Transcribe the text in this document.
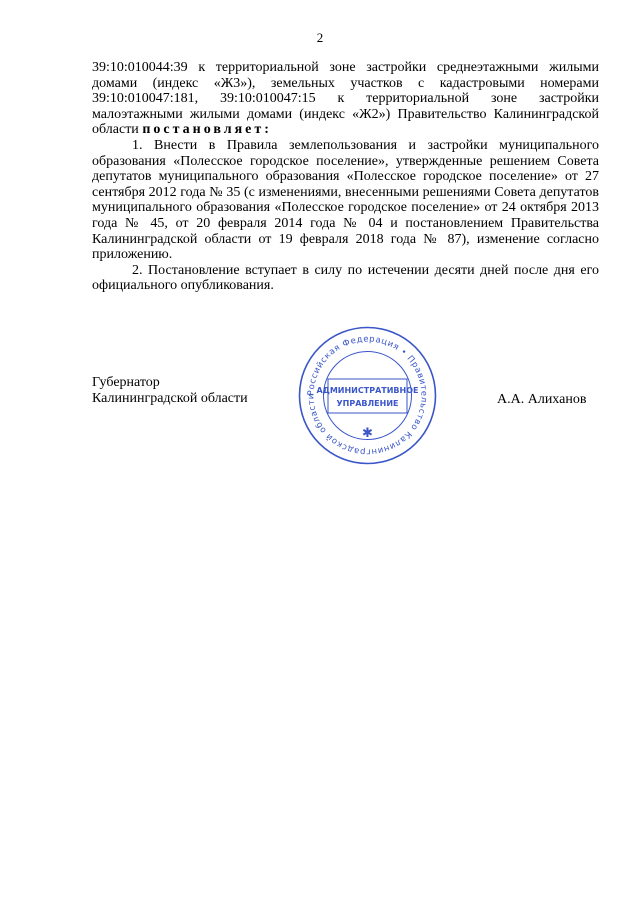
2

39:10:010044:39 к территориальной зоне застройки среднеэтажными жилыми домами (индекс «Ж3»), земельных участков с кадастровыми номерами 39:10:010047:181, 39:10:010047:15 к территориальной зоне застройки малоэтажными жилыми домами (индекс «Ж2») Правительство Калининградской области постановляет:

1. Внести в Правила землепользования и застройки муниципального образования «Полесское городское поселение», утвержденные решением Совета депутатов муниципального образования «Полесское городское поселение» от 27 сентября 2012 года № 35 (с изменениями, внесенными решениями Совета депутатов муниципального образования «Полесское городское поселение» от 24 октября 2013 года № 45, от 20 февраля 2014 года № 04 и постановлением Правительства Калининградской области от 19 февраля 2018 года № 87), изменение согласно приложению.

2. Постановление вступает в силу по истечении десяти дней после дня его официального опубликования.

Губернатор
Калининградской области	А.А. Алиханов
Российская Федерация • Правительство Калининградской области
АДМИНИСТРАТИВНОЕ
УПРАВЛЕНИЕ
✱
